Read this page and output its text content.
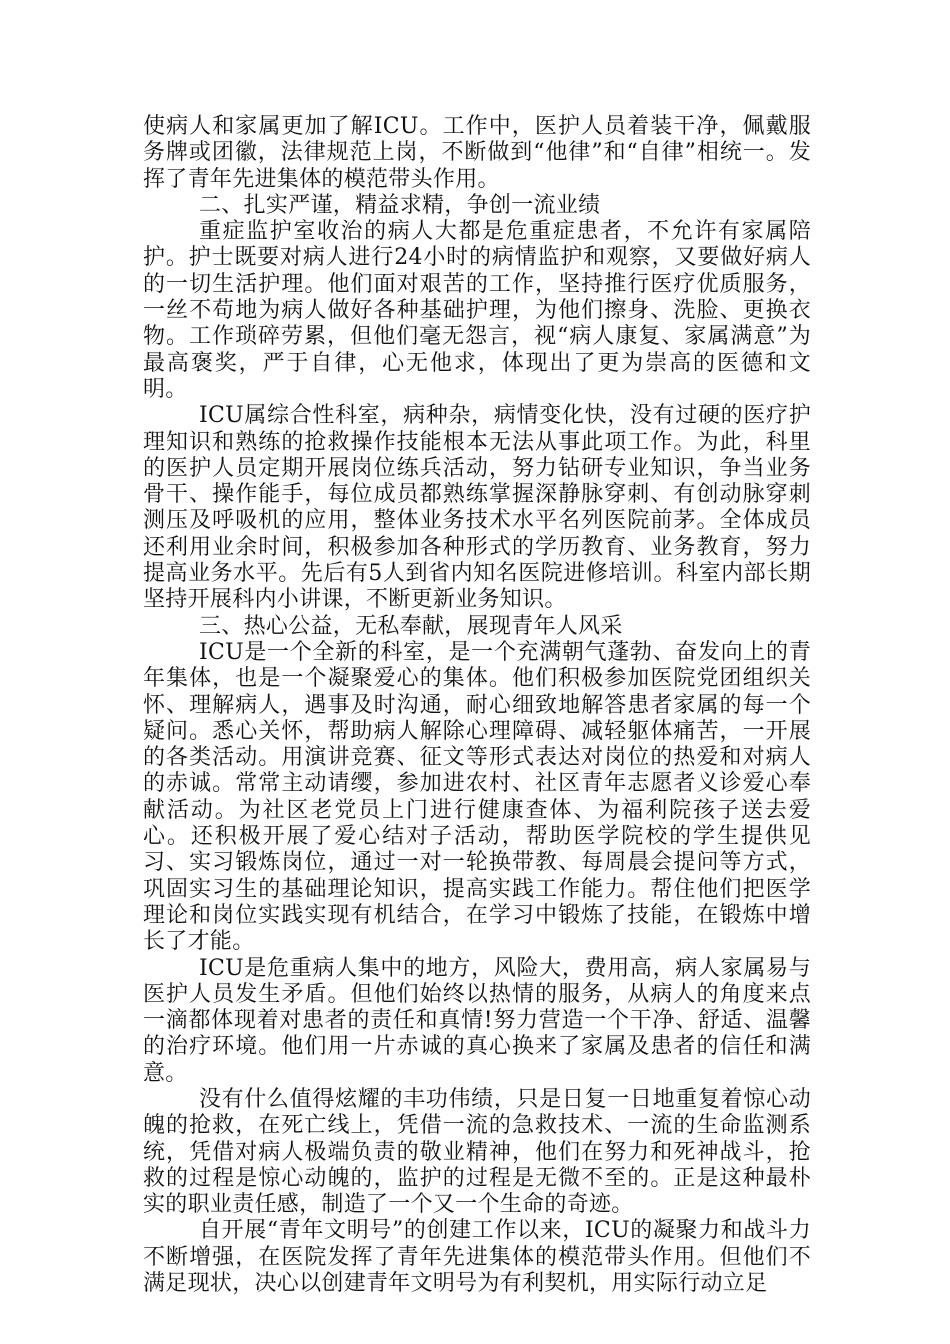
使病人和家属更加了解ICU。工作中，医护人员着装干净，佩戴服务牌或团徽，法律规范上岗，不断做到“他律”和“自律”相统一。发挥了青年先进集体的模范带头作用。

二、扎实严谨，精益求精，争创一流业绩

重症监护室收治的病人大都是危重症患者，不允许有家属陪护。护士既要对病人进行24小时的病情监护和观察，又要做好病人的一切生活护理。他们面对艰苦的工作，坚持推行医疗优质服务，一丝不苟地为病人做好各种基础护理，为他们擦身、洗脸、更换衣物。工作琐碎劳累，但他们毫无怨言，视“病人康复、家属满意”为最高褒奖，严于自律，心无他求，体现出了更为崇高的医德和文明。

ICU属综合性科室，病种杂，病情变化快，没有过硬的医疗护理知识和熟练的抢救操作技能根本无法从事此项工作。为此，科里的医护人员定期开展岗位练兵活动，努力钻研专业知识，争当业务骨干、操作能手，每位成员都熟练掌握深静脉穿刺、有创动脉穿刺测压及呼吸机的应用，整体业务技术水平名列医院前茅。全体成员还利用业余时间，积极参加各种形式的学历教育、业务教育，努力提高业务水平。先后有5人到省内知名医院进修培训。科室内部长期坚持开展科内小讲课，不断更新业务知识。

三、热心公益，无私奉献，展现青年人风采

ICU是一个全新的科室，是一个充满朝气蓬勃、奋发向上的青年集体，也是一个凝聚爱心的集体。他们积极参加医院党团组织关怀、理解病人，遇事及时沟通，耐心细致地解答患者家属的每一个疑问。悉心关怀，帮助病人解除心理障碍、减轻躯体痛苦，一开展的各类活动。用演讲竞赛、征文等形式表达对岗位的热爱和对病人的赤诚。常常主动请缨，参加进农村、社区青年志愿者义诊爱心奉献活动。为社区老党员上门进行健康查体、为福利院孩子送去爱心。还积极开展了爱心结对子活动，帮助医学院校的学生提供见习、实习锻炼岗位，通过一对一轮换带教、每周晨会提问等方式，巩固实习生的基础理论知识，提高实践工作能力。帮住他们把医学理论和岗位实践实现有机结合，在学习中锻炼了技能，在锻炼中增长了才能。

ICU是危重病人集中的地方，风险大，费用高，病人家属易与医护人员发生矛盾。但他们始终以热情的服务，从病人的角度来点一滴都体现着对患者的责任和真情!努力营造一个干净、舒适、温馨的治疗环境。他们用一片赤诚的真心换来了家属及患者的信任和满意。

没有什么值得炫耀的丰功伟绩，只是日复一日地重复着惊心动魄的抢救，在死亡线上，凭借一流的急救技术、一流的生命监测系统，凭借对病人极端负责的敬业精神，他们在努力和死神战斗，抢救的过程是惊心动魄的，监护的过程是无微不至的。正是这种最朴实的职业责任感，制造了一个又一个生命的奇迹。

自开展“青年文明号”的创建工作以来，ICU的凝聚力和战斗力不断增强，在医院发挥了青年先进集体的模范带头作用。但他们不满足现状，决心以创建青年文明号为有利契机，用实际行动立足
